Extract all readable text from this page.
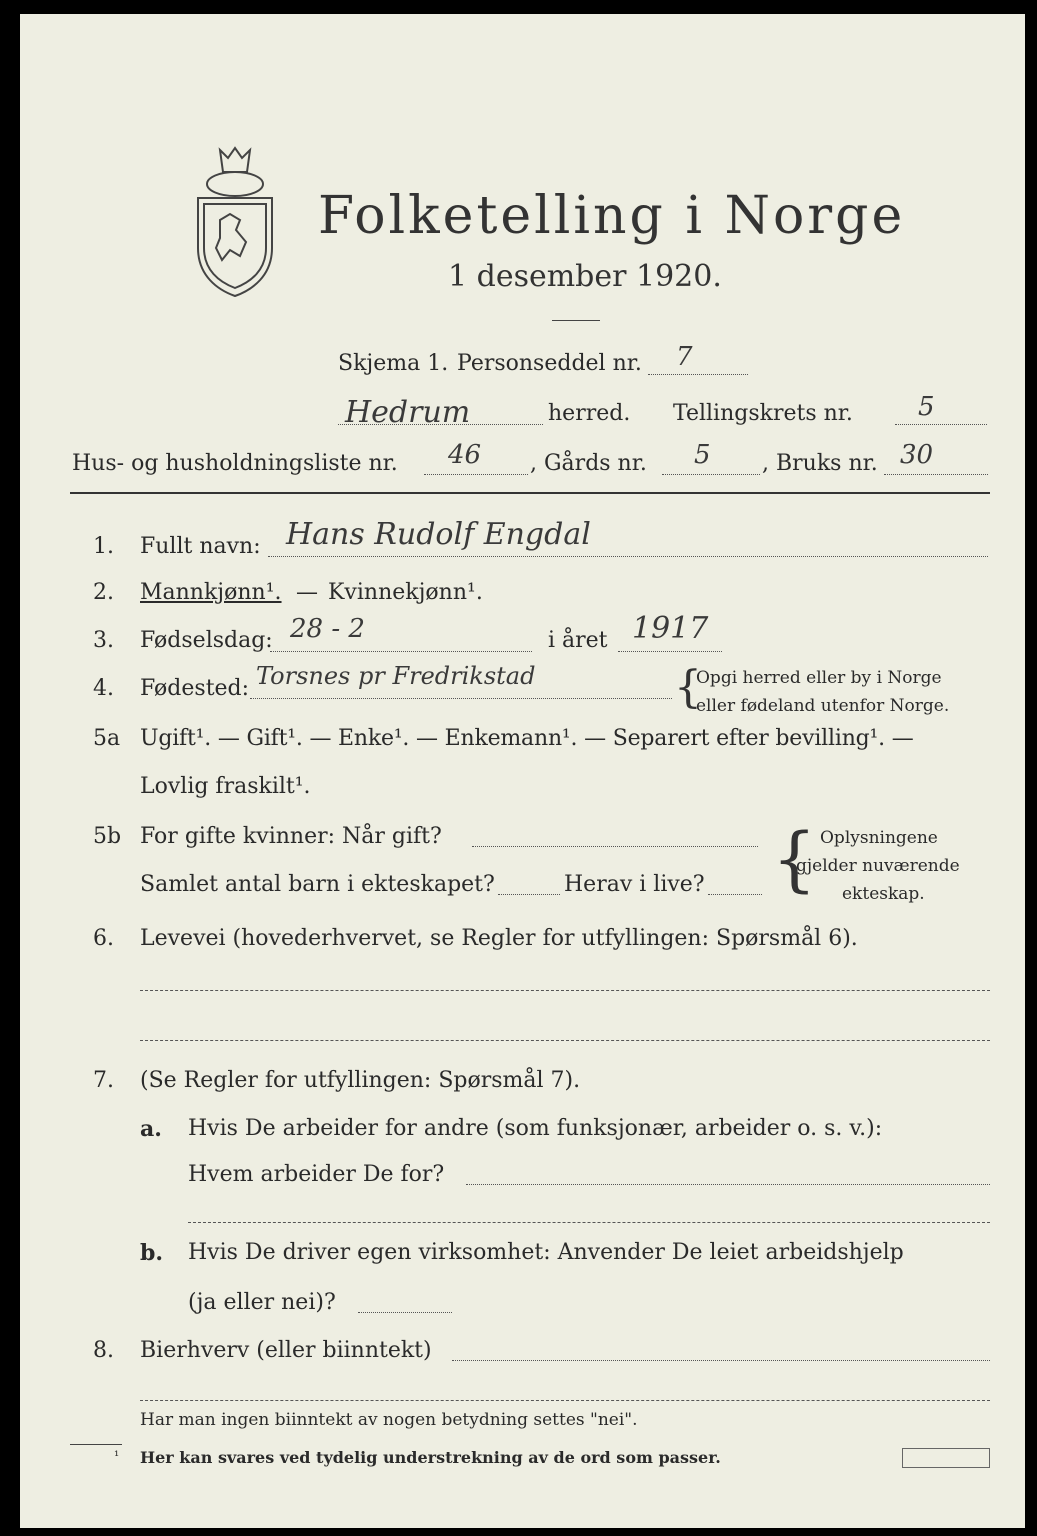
Folketelling i Norge
1 desember 1920.
Skjema 1. Personseddel nr. 7
Hedrum	herred. Tellingskrets nr.	5
Hus- og husholdningsliste nr. 46 , Gårds nr. 5 , Bruks nr. 30
1. Fullt navn: Hans Rudolf Engdal
2. Mannkjønn¹. — Kvinnekjønn¹.
3. Fødselsdag: 28 - 2	i året 1917
4. Fødested: Torsnes pr Fredrikstad	{
Opgi herred eller by i Norge
eller fødeland utenfor Norge.
5a Ugift¹. — Gift¹. — Enke¹. — Enkemann¹. — Separert efter bevilling¹. —
Lovlig fraskilt¹.
5b For gifte kvinner: Når gift?
Samlet antal barn i ekteskapet?	Herav i live? { Oplysningene
gjelder nuværende
ekteskap.
6. Levevei (hovederhvervet, se Regler for utfyllingen: Spørsmål 6).
7. (Se Regler for utfyllingen: Spørsmål 7).
a. Hvis De arbeider for andre (som funksjonær, arbeider o. s. v.):
Hvem arbeider De for?
b. Hvis De driver egen virksomhet: Anvender De leiet arbeidshjelp
(ja eller nei)?
8. Bierhverv (eller biinntekt)
Har man ingen biinntekt av nogen betydning settes "nei".
¹ Her kan svares ved tydelig understrekning av de ord som passer.
